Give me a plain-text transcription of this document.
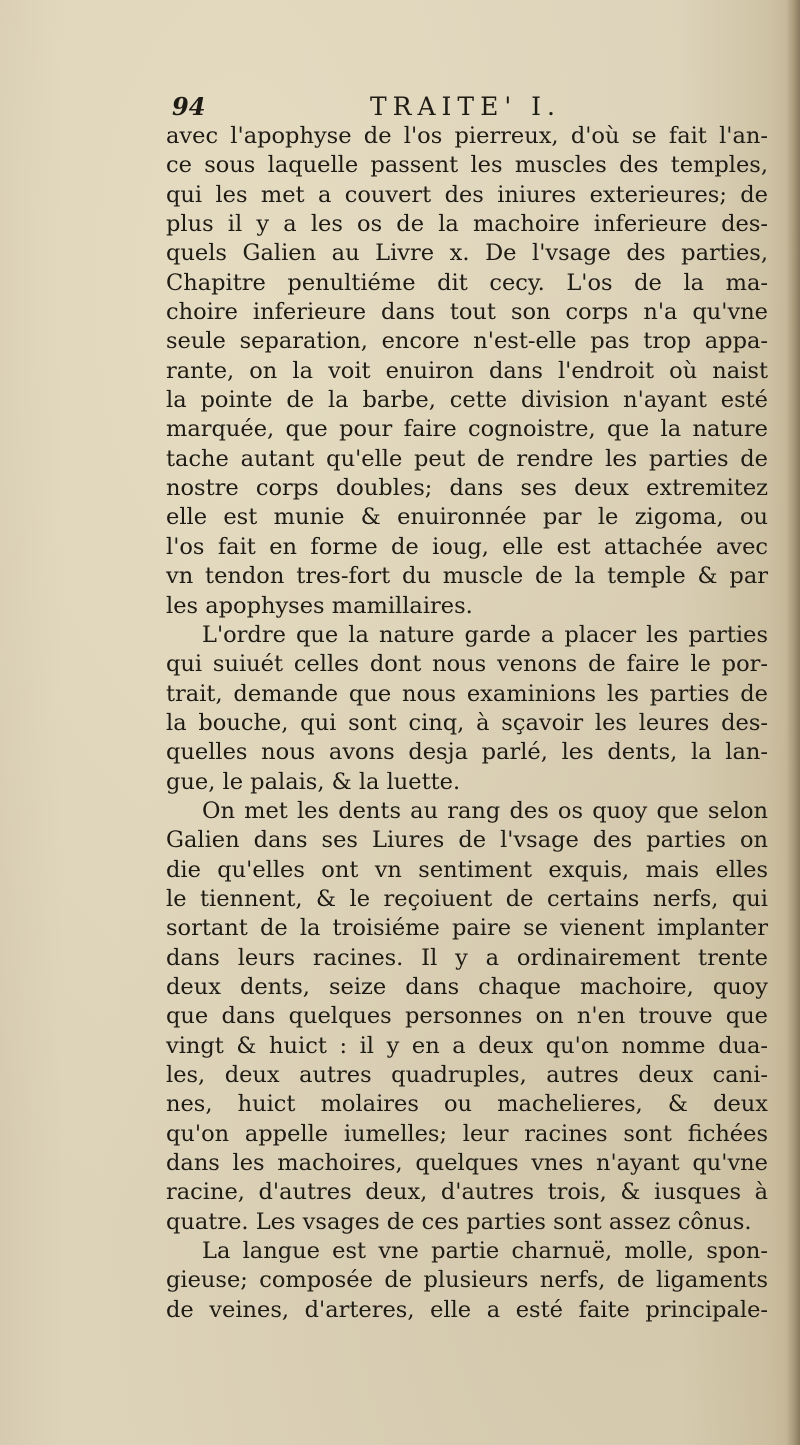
94	TRAITE' I.
avec l'apophyse de l'os pierreux, d'où se fait l'an-
ce sous laquelle passent les muscles des temples,
qui les met a couvert des iniures exterieures; de
plus il y a les os de la machoire inferieure des-
quels Galien au Livre x. De l'vsage des parties,
Chapitre penultiéme dit cecy. L'os de la ma-
choire inferieure dans tout son corps n'a qu'vne
seule separation, encore n'est-elle pas trop appa-
rante, on la voit enuiron dans l'endroit où naist
la pointe de la barbe, cette division n'ayant esté
marquée, que pour faire cognoistre, que la nature
tache autant qu'elle peut de rendre les parties de
nostre corps doubles; dans ses deux extremitez
elle est munie & enuironnée par le zigoma, ou
l'os fait en forme de ioug, elle est attachée avec
vn tendon tres-fort du muscle de la temple & par
les apophyses mamillaires.
L'ordre que la nature garde a placer les parties
qui suiuét celles dont nous venons de faire le por-
trait, demande que nous examinions les parties de
la bouche, qui sont cinq, à sçavoir les leures des-
quelles nous avons desja parlé, les dents, la lan-
gue, le palais, & la luette.
On met les dents au rang des os quoy que selon
Galien dans ses Liures de l'vsage des parties on
die qu'elles ont vn sentiment exquis, mais elles
le tiennent, & le reçoiuent de certains nerfs, qui
sortant de la troisiéme paire se vienent implanter
dans leurs racines. Il y a ordinairement trente
deux dents, seize dans chaque machoire, quoy
que dans quelques personnes on n'en trouve que
vingt & huict : il y en a deux qu'on nomme dua-
les, deux autres quadruples, autres deux cani-
nes, huict molaires ou machelieres, & deux
qu'on appelle iumelles; leur racines sont fichées
dans les machoires, quelques vnes n'ayant qu'vne
racine, d'autres deux, d'autres trois, & iusques à
quatre. Les vsages de ces parties sont assez cônus.
La langue est vne partie charnuë, molle, spon-
gieuse; composée de plusieurs nerfs, de ligaments
de veines, d'arteres, elle a esté faite principale-
